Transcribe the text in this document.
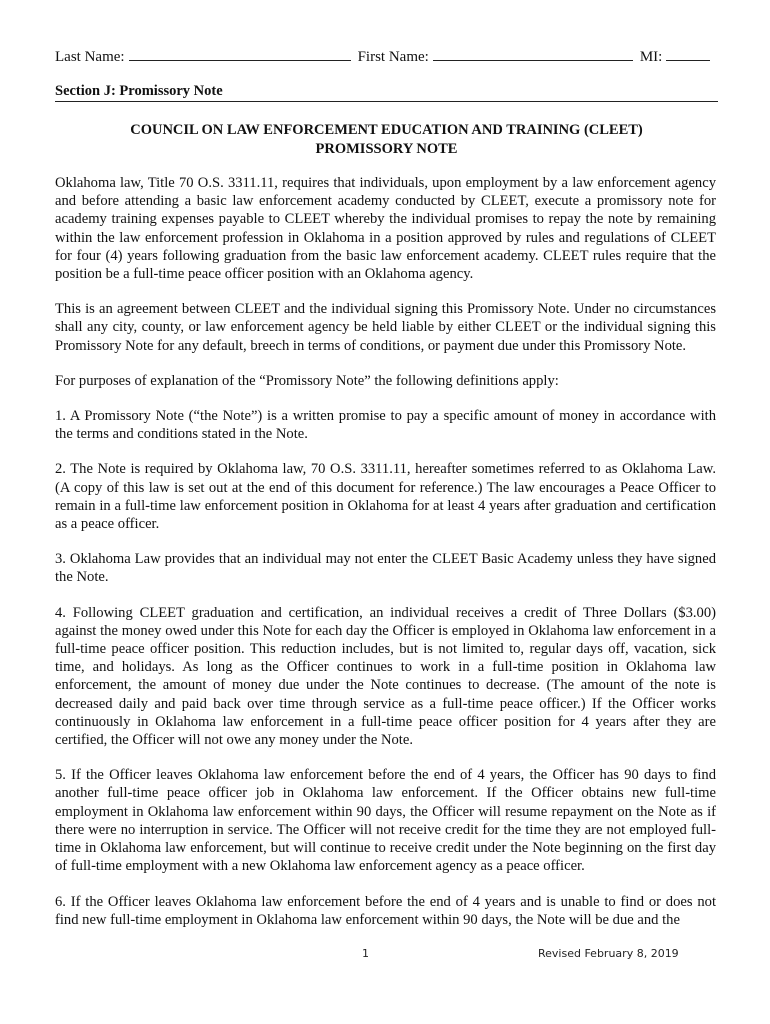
Last Name:	First Name:	MI:
Section J: Promissory Note
COUNCIL ON LAW ENFORCEMENT EDUCATION AND TRAINING (CLEET)
PROMISSORY NOTE

Oklahoma law, Title 70 O.S. 3311.11, requires that individuals, upon employment by a law enforcement agency and before attending a basic law enforcement academy conducted by CLEET, execute a promissory note for academy training expenses payable to CLEET whereby the individual promises to repay the note by remaining within the law enforcement profession in Oklahoma in a position approved by rules and regulations of CLEET for four (4) years following graduation from the basic law enforcement academy. CLEET rules require that the position be a full-time peace officer position with an Oklahoma agency.

This is an agreement between CLEET and the individual signing this Promissory Note. Under no circumstances shall any city, county, or law enforcement agency be held liable by either CLEET or the individual signing this Promissory Note for any default, breech in terms of conditions, or payment due under this Promissory Note.

For purposes of explanation of the “Promissory Note” the following definitions apply:

1. A Promissory Note (“the Note”) is a written promise to pay a specific amount of money in accordance with the terms and conditions stated in the Note.

2. The Note is required by Oklahoma law, 70 O.S. 3311.11, hereafter sometimes referred to as Oklahoma Law. (A copy of this law is set out at the end of this document for reference.) The law encourages a Peace Officer to remain in a full-time law enforcement position in Oklahoma for at least 4 years after graduation and certification as a peace officer.

3. Oklahoma Law provides that an individual may not enter the CLEET Basic Academy unless they have signed the Note.

4. Following CLEET graduation and certification, an individual receives a credit of Three Dollars ($3.00) against the money owed under this Note for each day the Officer is employed in Oklahoma law enforcement in a full-time peace officer position. This reduction includes, but is not limited to, regular days off, vacation, sick time, and holidays. As long as the Officer continues to work in a full-time position in Oklahoma law enforcement, the amount of money due under the Note continues to decrease. (The amount of the note is decreased daily and paid back over time through service as a full-time peace officer.) If the Officer works continuously in Oklahoma law enforcement in a full-time peace officer position for 4 years after they are certified, the Officer will not owe any money under the Note.

5. If the Officer leaves Oklahoma law enforcement before the end of 4 years, the Officer has 90 days to find another full-time peace officer job in Oklahoma law enforcement. If the Officer obtains new full-time employment in Oklahoma law enforcement within 90 days, the Officer will resume repayment on the Note as if there were no interruption in service. The Officer will not receive credit for the time they are not employed full-time in Oklahoma law enforcement, but will continue to receive credit under the Note beginning on the first day of full-time employment with a new Oklahoma law enforcement agency as a peace officer.

6. If the Officer leaves Oklahoma law enforcement before the end of 4 years and is unable to find or does not find new full-time employment in Oklahoma law enforcement within 90 days, the Note will be due and the

1	Revised February 8, 2019
